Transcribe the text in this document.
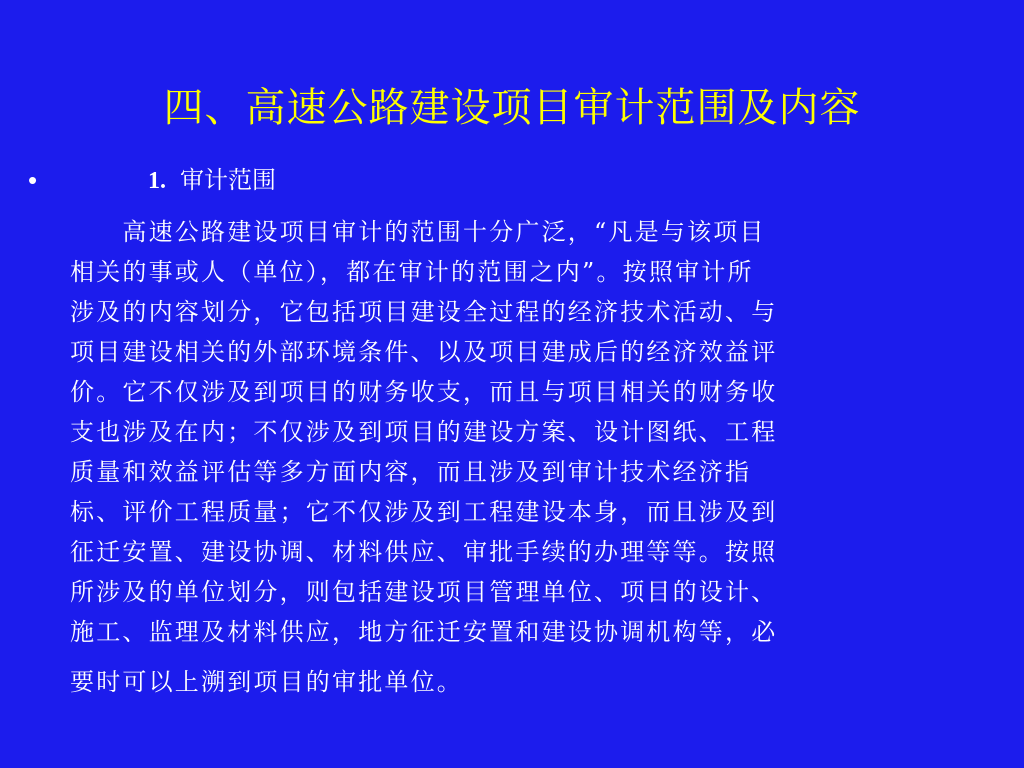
四、高速公路建设项目审计范围及内容
•	1. 审计范围
　　高速公路建设项目审计的范围十分广泛，“凡是与该项目
相关的事或人（单位），都在审计的范围之内”。按照审计所
涉及的内容划分，它包括项目建设全过程的经济技术活动、与
项目建设相关的外部环境条件、以及项目建成后的经济效益评
价。它不仅涉及到项目的财务收支，而且与项目相关的财务收
支也涉及在内；不仅涉及到项目的建设方案、设计图纸、工程
质量和效益评估等多方面内容，而且涉及到审计技术经济指
标、评价工程质量；它不仅涉及到工程建设本身，而且涉及到
征迁安置、建设协调、材料供应、审批手续的办理等等。按照
所涉及的单位划分，则包括建设项目管理单位、项目的设计、
施工、监理及材料供应，地方征迁安置和建设协调机构等，必
要时可以上溯到项目的审批单位。
